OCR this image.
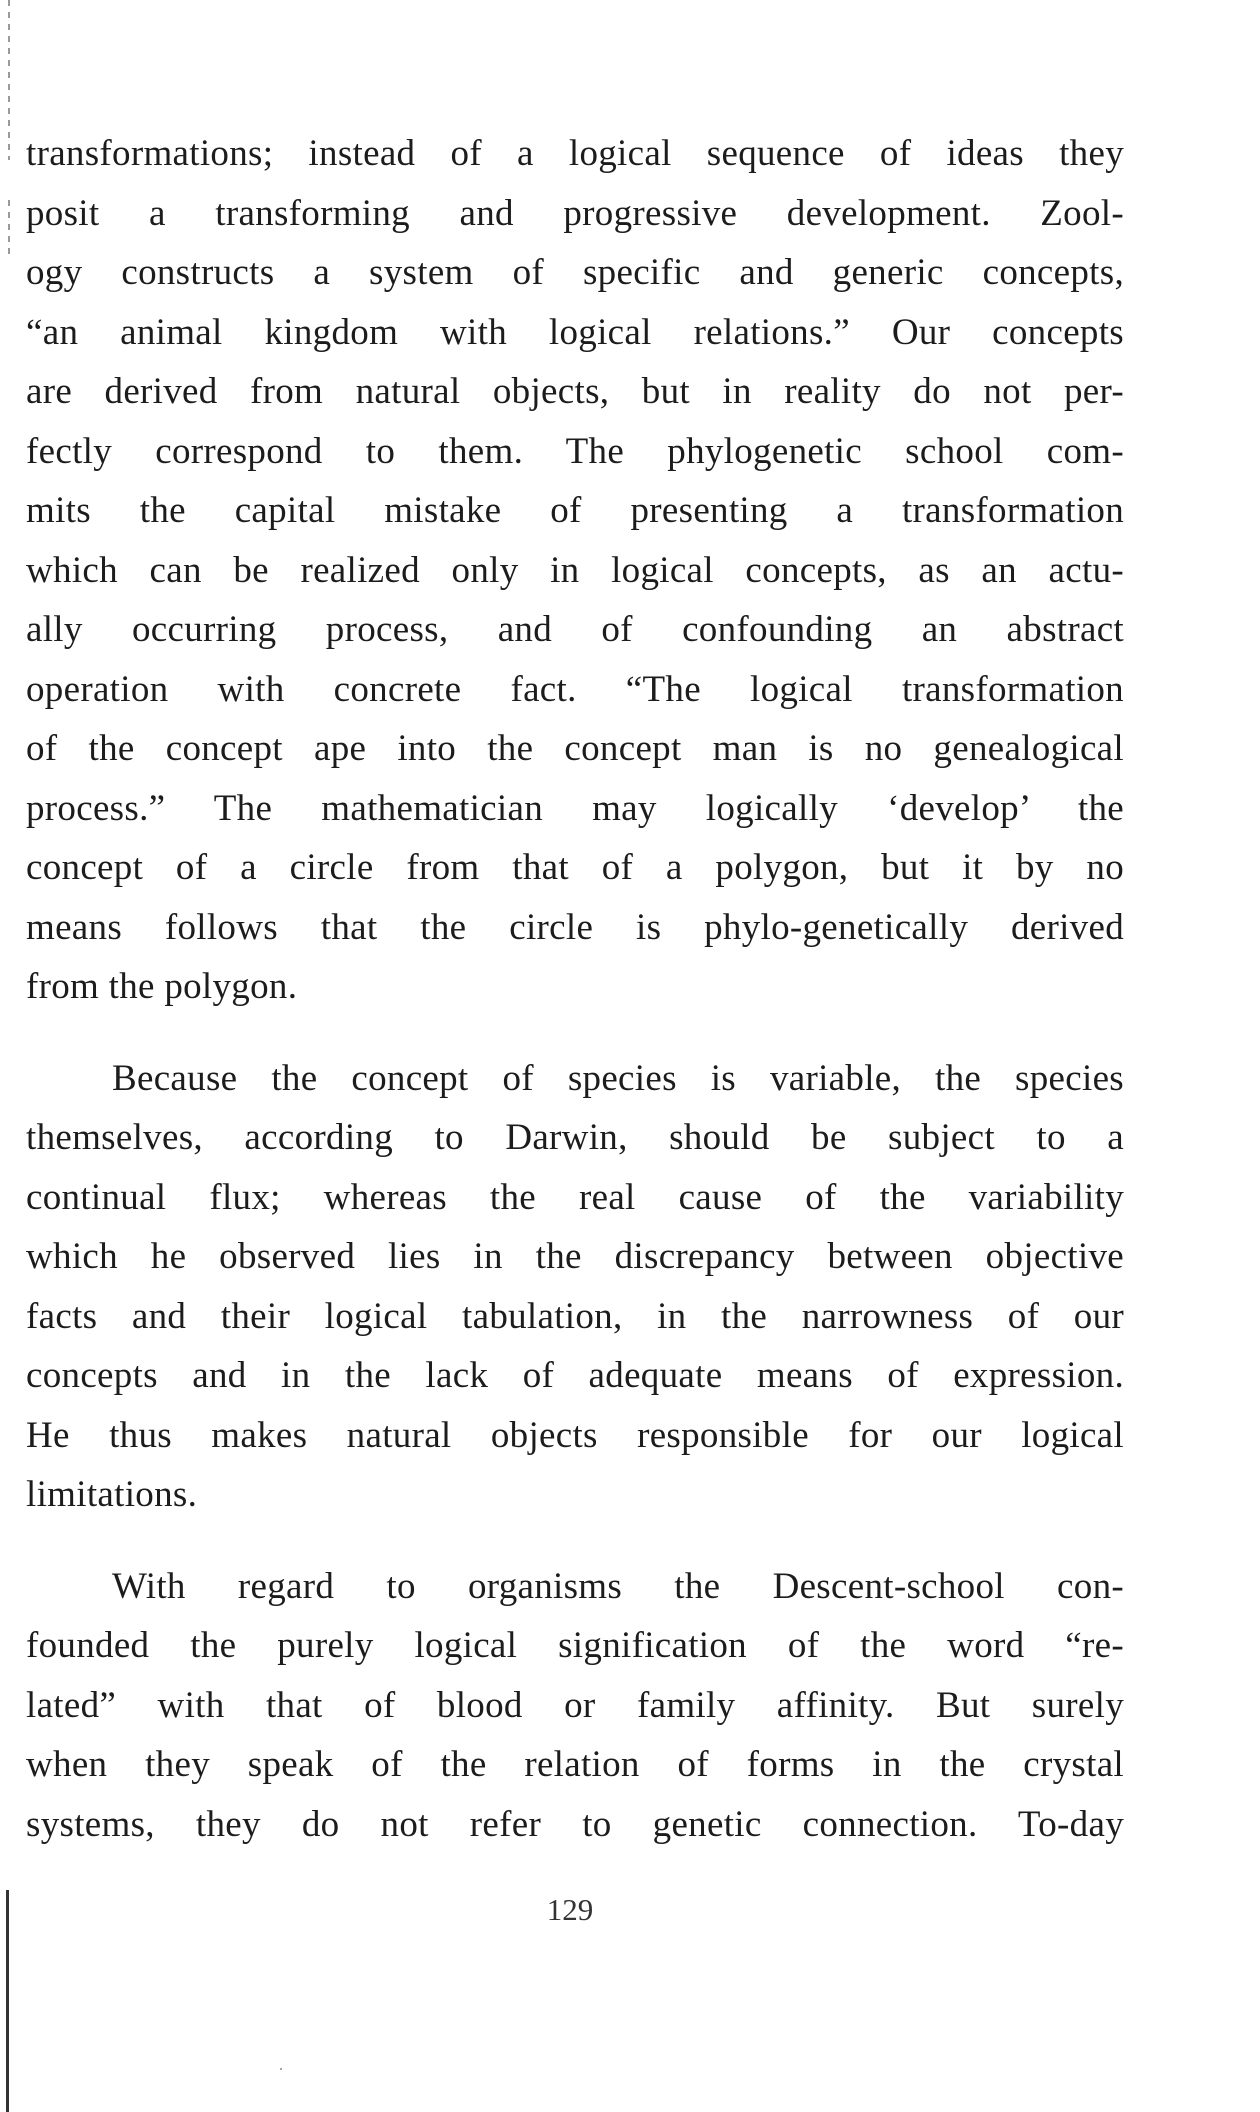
transformations; instead of a logical sequence of ideas they
posit a transforming and progressive development. Zool-
ogy constructs a system of specific and generic concepts,
“an animal kingdom with logical relations.” Our concepts
are derived from natural objects, but in reality do not per-
fectly correspond to them. The phylogenetic school com-
mits the capital mistake of presenting a transformation
which can be realized only in logical concepts, as an actu-
ally occurring process, and of confounding an abstract
operation with concrete fact. “The logical transformation
of the concept ape into the concept man is no genealogical
process.” The mathematician may logically ‘develop’ the
concept of a circle from that of a polygon, but it by no
means follows that the circle is phylo-genetically derived
from the polygon.
Because the concept of species is variable, the species
themselves, according to Darwin, should be subject to a
continual flux; whereas the real cause of the variability
which he observed lies in the discrepancy between objective
facts and their logical tabulation, in the narrowness of our
concepts and in the lack of adequate means of expression.
He thus makes natural objects responsible for our logical
limitations.
With regard to organisms the Descent-school con-
founded the purely logical signification of the word “re-
lated” with that of blood or family affinity. But surely
when they speak of the relation of forms in the crystal
systems, they do not refer to genetic connection. To-day
129
